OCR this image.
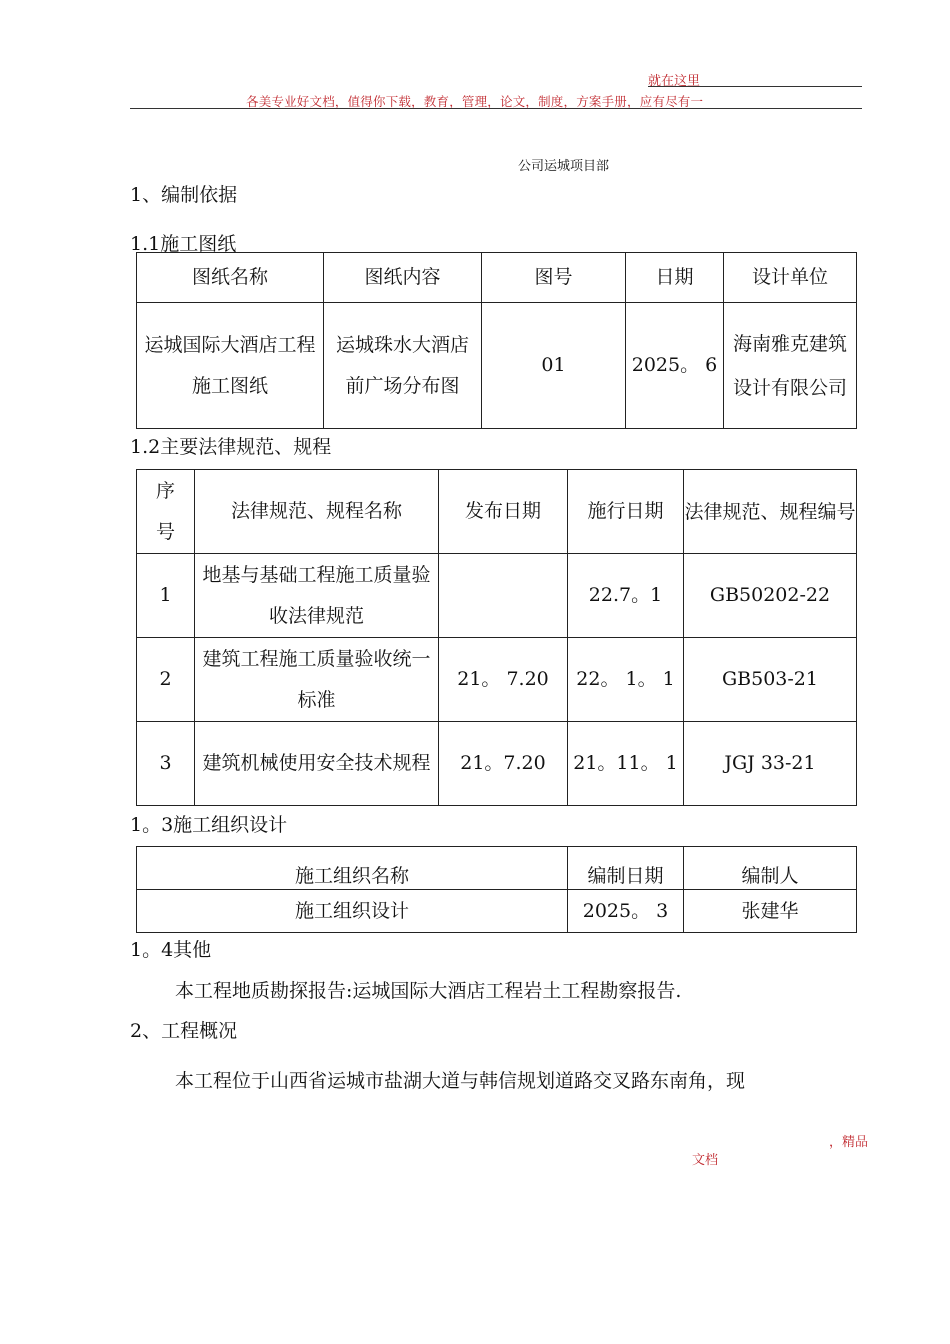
就在这里
各美专业好文档，值得你下载，教育，管理，论文，制度，方案手册，应有尽有一
公司运城项目部
1、编制依据
1.1施工图纸
图纸名称	图纸内容	图号	日期	设计单位
运城国际大酒店工程施工图纸	运城珠水大酒店前广场分布图	01	2025。 6	海南雅克建筑设计有限公司
1.2主要法律规范、规程
序号	法律规范、规程名称	发布日期	施行日期	法律规范、规程编号
1	地基与基础工程施工质量验收法律规范		22.7。1	GB50202-22
2	建筑工程施工质量验收统一标准	21。 7.20	22。 1。 1	GB503-21
3	建筑机械使用安全技术规程	21。7.20	21。11。 1	JGJ 33-21
1。3施工组织设计
施工组织名称	编制日期	编制人
施工组织设计	2025。 3	张建华
1。4其他
本工程地质勘探报告:运城国际大酒店工程岩土工程勘察报告.
2、工程概况
本工程位于山西省运城市盐湖大道与韩信规划道路交叉路东南角，现
，精品
文档
